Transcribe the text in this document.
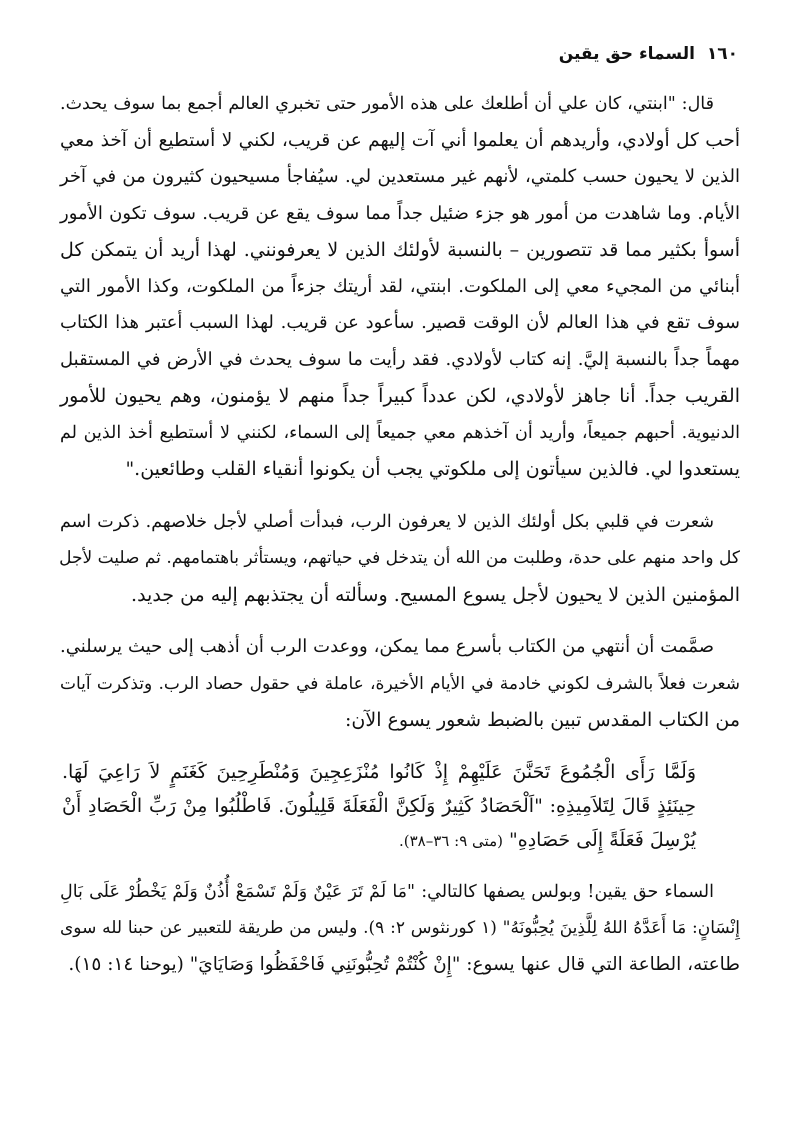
١٦٠ السماء حق يقين

قال: "ابنتي، كان علي أن أطلعك على هذه الأمور حتى تخبري العالم أجمع بما سوف يحدث.
أحب كل أولادي، وأريدهم أن يعلموا أني آت إليهم عن قريب، لكني لا أستطيع أن آخذ معي
الذين لا يحيون حسب كلمتي، لأنهم غير مستعدين لي. سيُفاجأ مسيحيون كثيرون من في آخر
الأيام. وما شاهدت من أمور هو جزء ضئيل جداً مما سوف يقع عن قريب. سوف تكون الأمور
أسوأ بكثير مما قد تتصورين – بالنسبة لأولئك الذين لا يعرفونني. لهذا أريد أن يتمكن كل
أبنائي من المجيء معي إلى الملكوت. ابنتي، لقد أريتك جزءاً من الملكوت، وكذا الأمور التي
سوف تقع في هذا العالم لأن الوقت قصير. سأعود عن قريب. لهذا السبب أعتبر هذا الكتاب
مهماً جداً بالنسبة إليَّ. إنه كتاب لأولادي. فقد رأيت ما سوف يحدث في الأرض في المستقبل
القريب جداً. أنا جاهز لأولادي، لكن عدداً كبيراً جداً منهم لا يؤمنون، وهم يحيون للأمور
الدنيوية. أحبهم جميعاً، وأريد أن آخذهم معي جميعاً إلى السماء، لكنني لا أستطيع أخذ الذين لم
يستعدوا لي. فالذين سيأتون إلى ملكوتي يجب أن يكونوا أنقياء القلب وطائعين."

شعرت في قلبي بكل أولئك الذين لا يعرفون الرب، فبدأت أصلي لأجل خلاصهم. ذكرت اسم
كل واحد منهم على حدة، وطلبت من الله أن يتدخل في حياتهم، ويستأثر باهتمامهم. ثم صليت لأجل
المؤمنين الذين لا يحيون لأجل يسوع المسيح. وسألته أن يجتذبهم إليه من جديد.

صمَّمت أن أنتهي من الكتاب بأسرع مما يمكن، ووعدت الرب أن أذهب إلى حيث يرسلني.
شعرت فعلاً بالشرف لكوني خادمة في الأيام الأخيرة، عاملة في حقول حصاد الرب. وتذكرت آيات
من الكتاب المقدس تبين بالضبط شعور يسوع الآن:

وَلَمَّا رَأَى الْجُمُوعَ تَحَنَّنَ عَلَيْهِمْ إِذْ كَانُوا مُنْزَعِجِينَ وَمُنْطَرِحِينَ كَغَنَمٍ لاَ رَاعِيَ لَهَا.
حِينَئِذٍ قَالَ لِتَلاَمِيذِهِ: "اَلْحَصَادُ كَثِيرٌ وَلَكِنَّ الْفَعَلَةَ قَلِيلُونَ. فَاطْلُبُوا مِنْ رَبِّ الْحَصَادِ أَنْ
يُرْسِلَ فَعَلَةً إِلَى حَصَادِهِ" (متى ٩: ٣٦–٣٨).

السماء حق يقين! وبولس يصفها كالتالي: "مَا لَمْ تَرَ عَيْنٌ وَلَمْ تَسْمَعْ أُذُنٌ وَلَمْ يَخْطُرْ عَلَى بَالِ
إِنْسَانٍ: مَا أَعَدَّهُ اللهُ لِلَّذِينَ يُحِبُّونَهُ" (١ كورنثوس ٢: ٩). وليس من طريقة للتعبير عن حبنا لله سوى
طاعته، الطاعة التي قال عنها يسوع: "إِنْ كُنْتُمْ تُحِبُّونَنِي فَاحْفَظُوا وَصَايَايَ" (يوحنا ١٤: ١٥).
